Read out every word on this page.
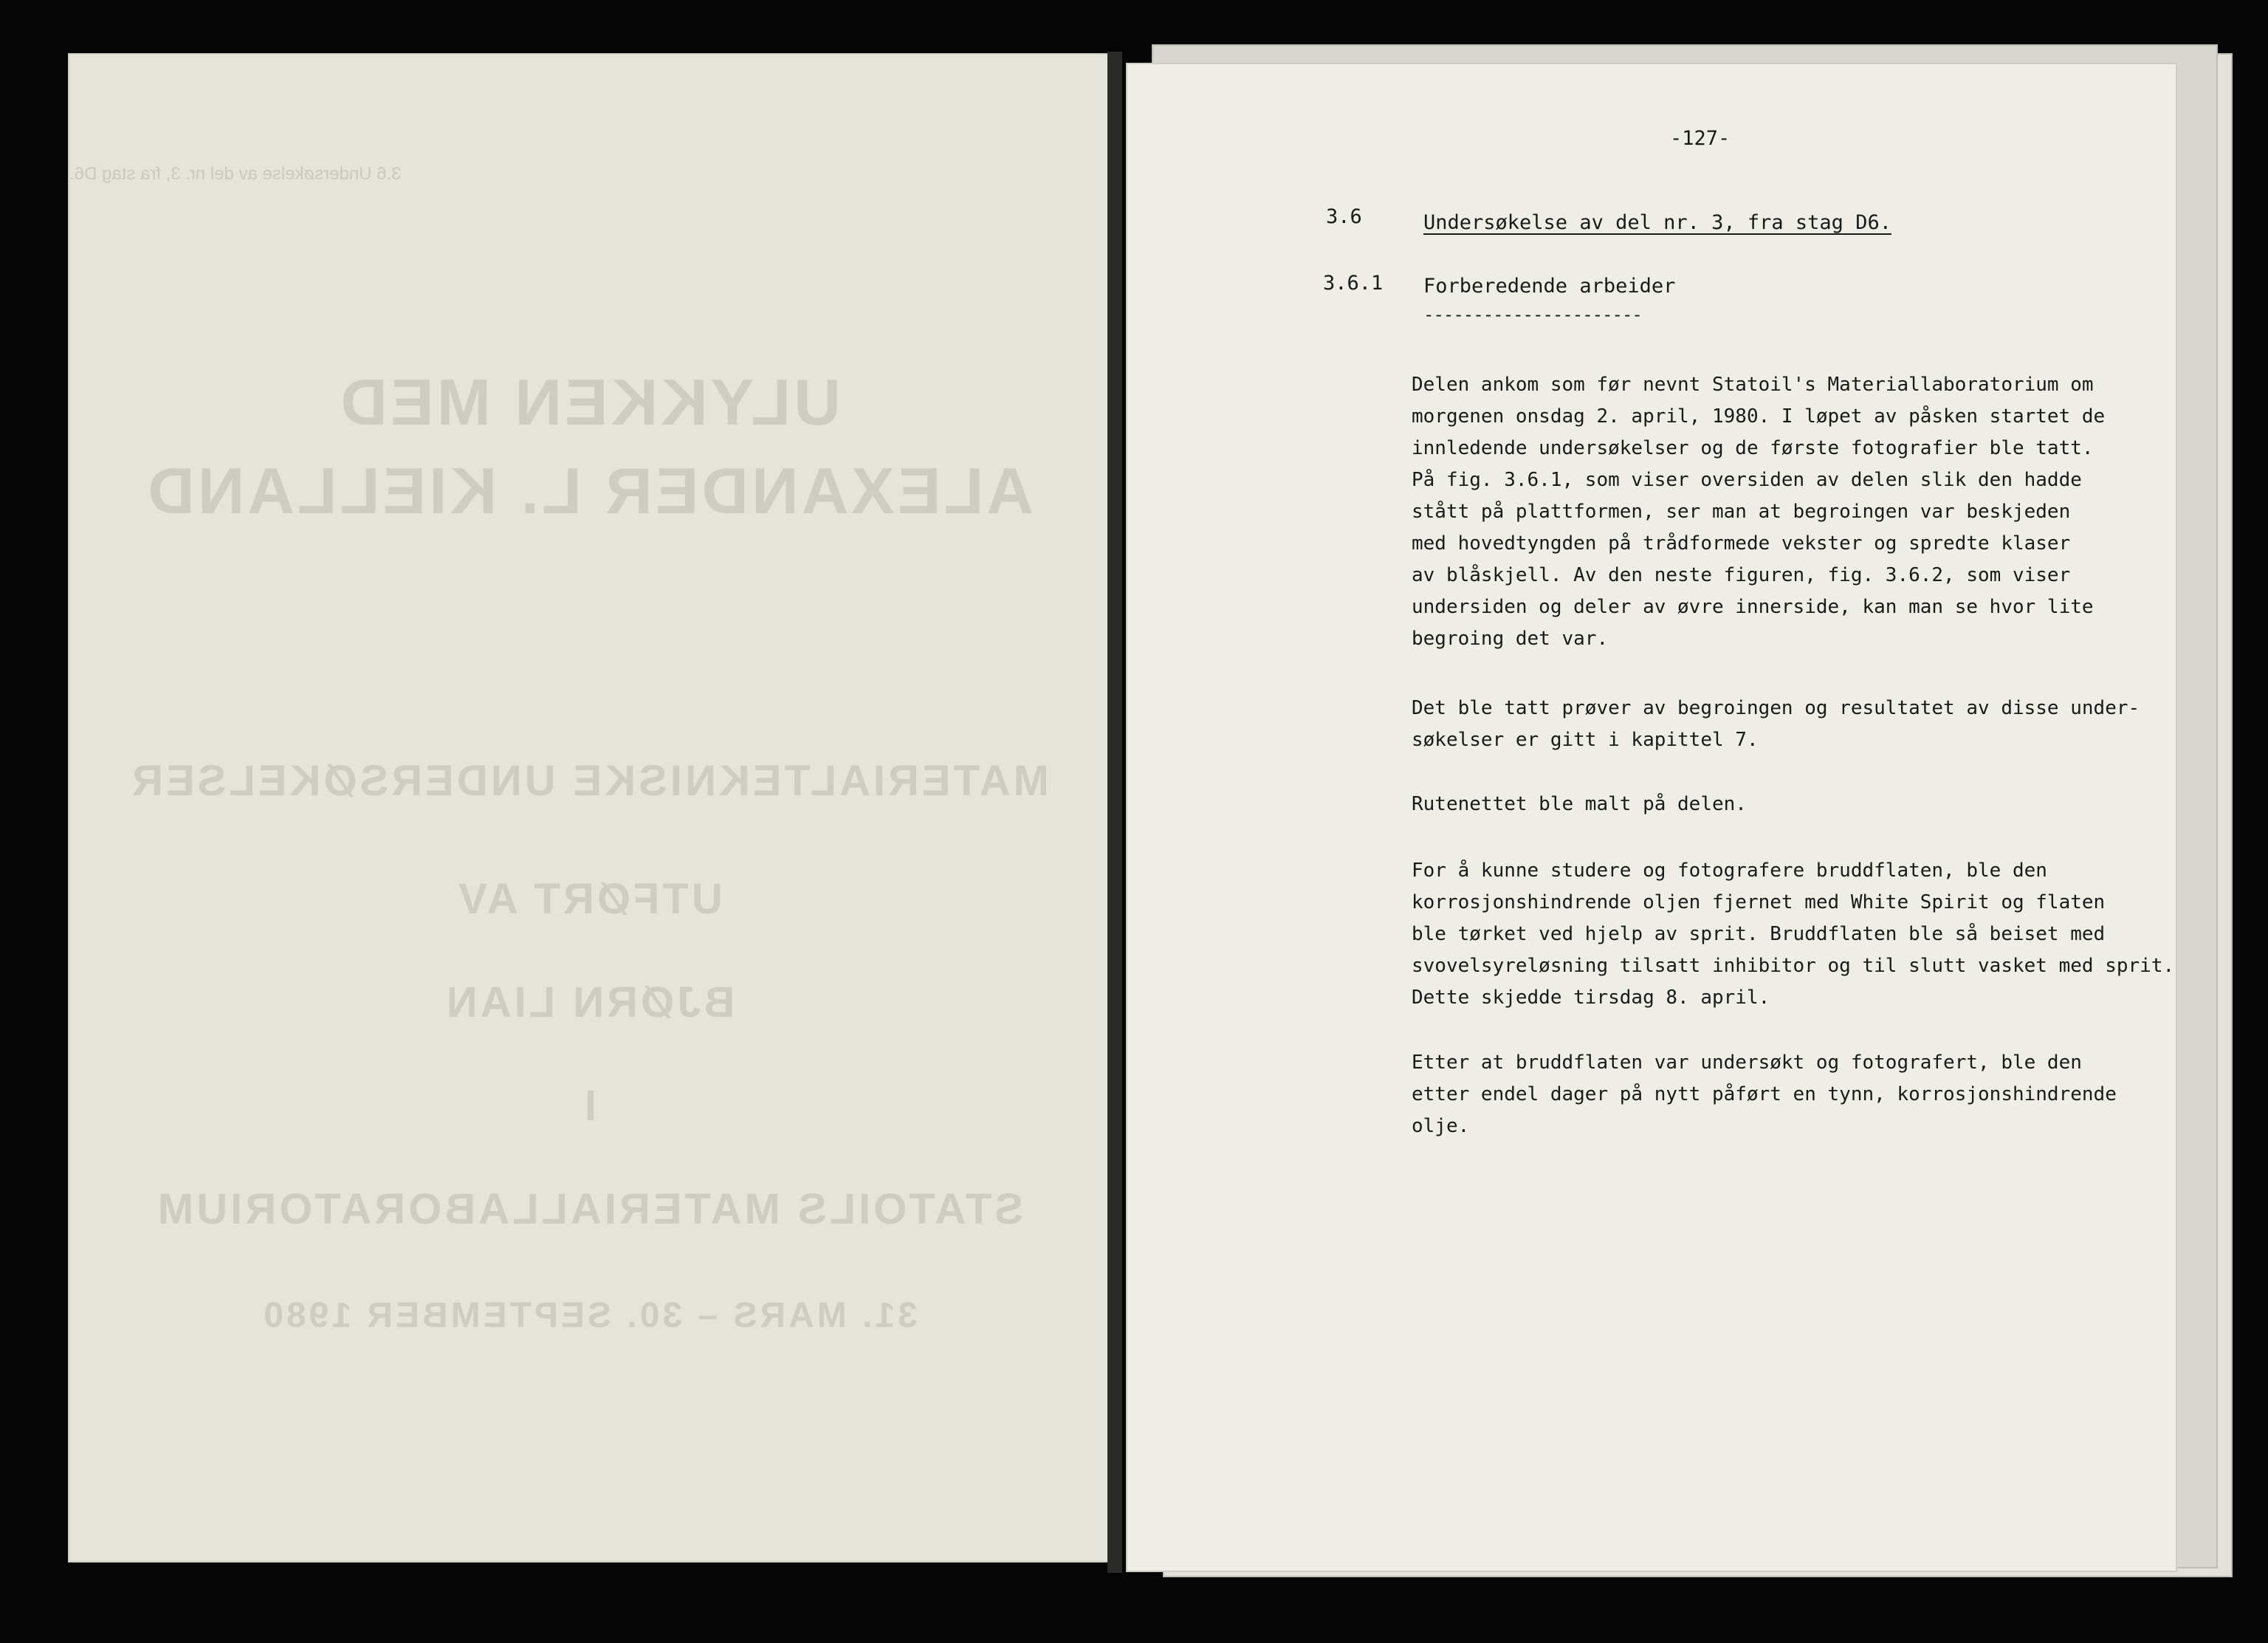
3.6 Undersøkelse av del nr. 3, fra stag D6.
ULYKKEN MED
ALEXANDER L. KIELLAND
MATERIALTEKNISKE UNDERSØKELSER
UTFØRT AV
BJØRN LIAN
I
STATOILS MATERIALLABORATORIUM
31. MARS – 30. SEPTEMBER 1980
-127-
3.6	Undersøkelse av del nr. 3, fra stag D6.
3.6.1 Forberedende arbeider
----------------------
Delen ankom som før nevnt Statoil's Materiallaboratorium om
morgenen onsdag 2. april, 1980. I løpet av påsken startet de
innledende undersøkelser og de første fotografier ble tatt.
På fig. 3.6.1, som viser oversiden av delen slik den hadde
stått på plattformen, ser man at begroingen var beskjeden
med hovedtyngden på trådformede vekster og spredte klaser
av blåskjell. Av den neste figuren, fig. 3.6.2, som viser
undersiden og deler av øvre innerside, kan man se hvor lite
begroing det var.
Det ble tatt prøver av begroingen og resultatet av disse under-
søkelser er gitt i kapittel 7.
Rutenettet ble malt på delen.
For å kunne studere og fotografere bruddflaten, ble den
korrosjonshindrende oljen fjernet med White Spirit og flaten
ble tørket ved hjelp av sprit. Bruddflaten ble så beiset med
svovelsyreløsning tilsatt inhibitor og til slutt vasket med sprit.
Dette skjedde tirsdag 8. april.
Etter at bruddflaten var undersøkt og fotografert, ble den
etter endel dager på nytt påført en tynn, korrosjonshindrende
olje.
